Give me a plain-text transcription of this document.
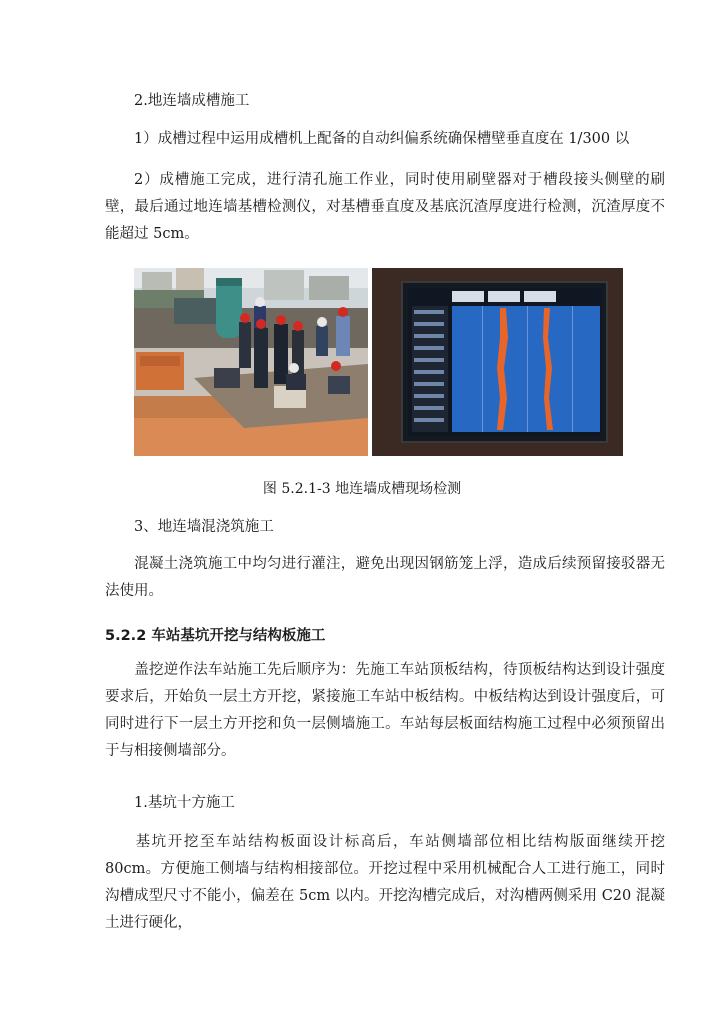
2.地连墙成槽施工
1）成槽过程中运用成槽机上配备的自动纠偏系统确保槽壁垂直度在 1/300 以
2）成槽施工完成，进行清孔施工作业，同时使用刷壁器对于槽段接头侧壁的刷壁，最后通过地连墙基槽检测仪，对基槽垂直度及基底沉渣厚度进行检测，沉渣厚度不能超过 5cm。
图 5.2.1-3 地连墙成槽现场检测
3、地连墙混浇筑施工
混凝土浇筑施工中均匀进行灌注，避免出现因钢筋笼上浮，造成后续预留接驳器无法使用。
5.2.2 车站基坑开挖与结构板施工
盖挖逆作法车站施工先后顺序为：先施工车站顶板结构，待顶板结构达到设计强度要求后，开始负一层土方开挖，紧接施工车站中板结构。中板结构达到设计强度后，可同时进行下一层土方开挖和负一层侧墙施工。车站每层板面结构施工过程中必须预留出于与相接侧墙部分。
1.基坑十方施工
基坑开挖至车站结构板面设计标高后，车站侧墙部位相比结构版面继续开挖 80cm。方便施工侧墙与结构相接部位。开挖过程中采用机械配合人工进行施工，同时沟槽成型尺寸不能小，偏差在 5cm 以内。开挖沟槽完成后，对沟槽两侧采用 C20 混凝土进行硬化，
